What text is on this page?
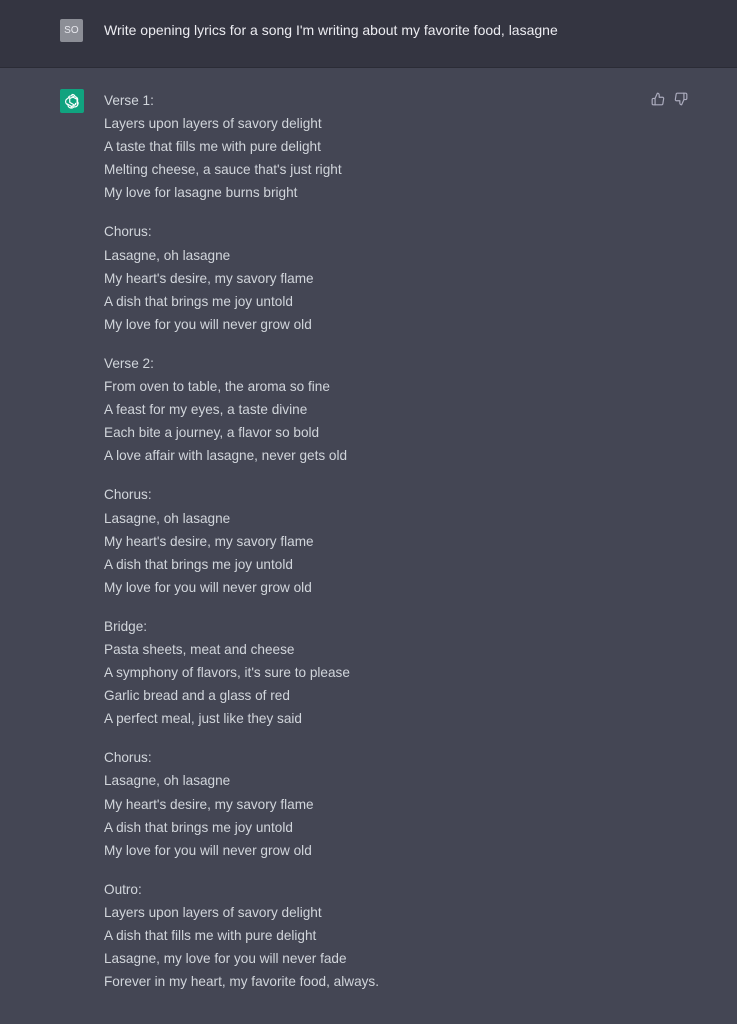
SO Write opening lyrics for a song I'm writing about my favorite food, lasagne
Verse 1:
Layers upon layers of savory delight
A taste that fills me with pure delight
Melting cheese, a sauce that's just right
My love for lasagne burns bright
Chorus:
Lasagne, oh lasagne
My heart's desire, my savory flame
A dish that brings me joy untold
My love for you will never grow old
Verse 2:
From oven to table, the aroma so fine
A feast for my eyes, a taste divine
Each bite a journey, a flavor so bold
A love affair with lasagne, never gets old
Chorus:
Lasagne, oh lasagne
My heart's desire, my savory flame
A dish that brings me joy untold
My love for you will never grow old
Bridge:
Pasta sheets, meat and cheese
A symphony of flavors, it's sure to please
Garlic bread and a glass of red
A perfect meal, just like they said
Chorus:
Lasagne, oh lasagne
My heart's desire, my savory flame
A dish that brings me joy untold
My love for you will never grow old
Outro:
Layers upon layers of savory delight
A dish that fills me with pure delight
Lasagne, my love for you will never fade
Forever in my heart, my favorite food, always.
